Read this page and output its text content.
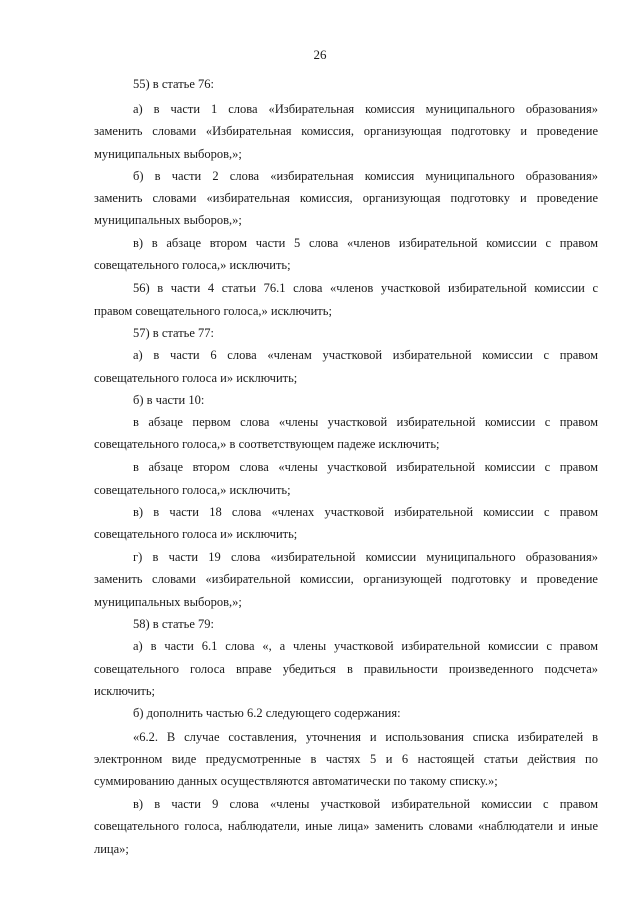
26

55) в статье 76:

а) в части 1 слова «Избирательная комиссия муниципального образования»

заменить словами «Избирательная комиссия, организующая подготовку и проведение

муниципальных выборов,»;

б) в части 2 слова «избирательная комиссия муниципального образования»

заменить словами «избирательная комиссия, организующая подготовку и проведение

муниципальных выборов,»;

в) в абзаце втором части 5 слова «членов избирательной комиссии с правом

совещательного голоса,» исключить;

56) в части 4 статьи 76.1 слова «членов участковой избирательной комиссии с

правом совещательного голоса,» исключить;

57) в статье 77:

а) в части 6 слова «членам участковой избирательной комиссии с правом

совещательного голоса и» исключить;

б) в части 10:

в абзаце первом слова «члены участковой избирательной комиссии с правом

совещательного голоса,» в соответствующем падеже исключить;

в абзаце втором слова «члены участковой избирательной комиссии с правом

совещательного голоса,» исключить;

в) в части 18 слова «членах участковой избирательной комиссии с правом

совещательного голоса и» исключить;

г) в части 19 слова «избирательной комиссии муниципального образования»

заменить словами «избирательной комиссии, организующей подготовку и проведение

муниципальных выборов,»;

58) в статье 79:

а) в части 6.1 слова «, а члены участковой избирательной комиссии с правом

совещательного голоса вправе убедиться в правильности произведенного подсчета»

исключить;

б) дополнить частью 6.2 следующего содержания:

«6.2. В случае составления, уточнения и использования списка избирателей в

электронном виде предусмотренные в частях 5 и 6 настоящей статьи действия по

суммированию данных осуществляются автоматически по такому списку.»;

в) в части 9 слова «члены участковой избирательной комиссии с правом

совещательного голоса, наблюдатели, иные лица» заменить словами «наблюдатели и иные

лица»;
